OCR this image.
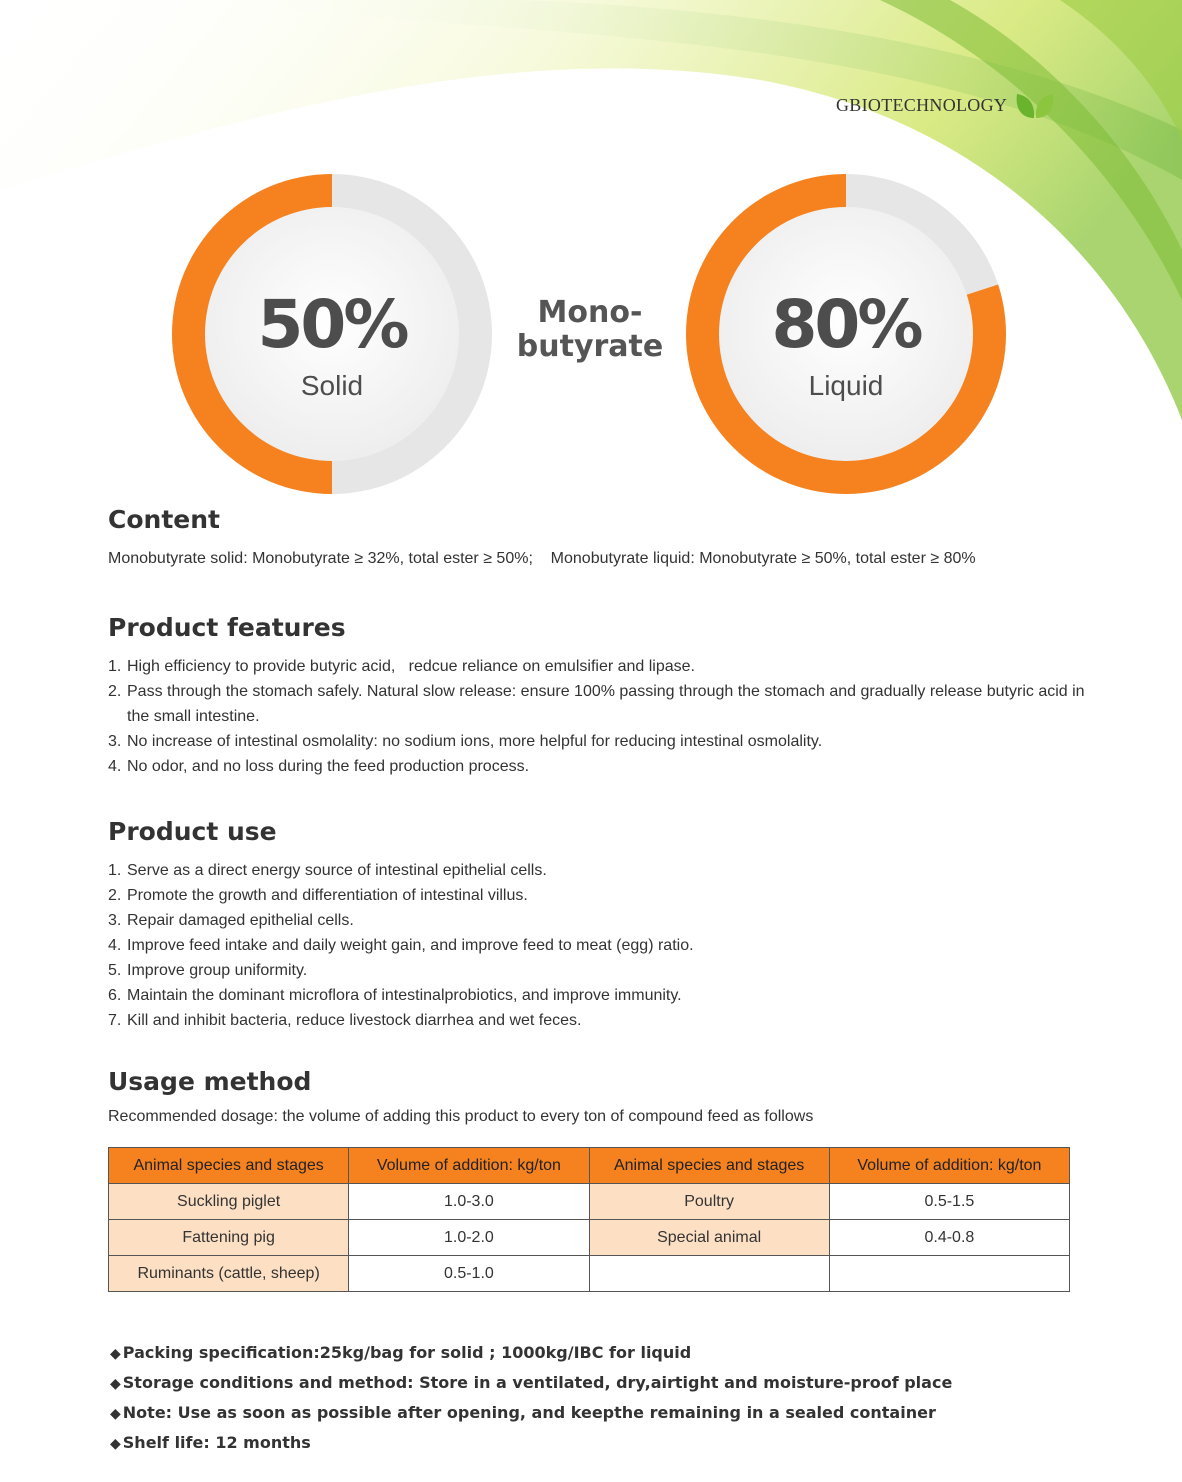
GBIOTECHNOLOGY
50%
Solid
Mono-
butyrate	80%
Liquid
Content
Monobutyrate solid: Monobutyrate ≥ 32%, total ester ≥ 50%;    Monobutyrate liquid: Monobutyrate ≥ 50%, total ester ≥ 80%
Product features
1. High efficiency to provide butyric acid,   redcue reliance on emulsifier and lipase.
2. Pass through the stomach safely. Natural slow release: ensure 100% passing through the stomach and gradually release butyric acid in the small intestine.
3. No increase of intestinal osmolality: no sodium ions, more helpful for reducing intestinal osmolality.
4. No odor, and no loss during the feed production process.
Product use
1. Serve as a direct energy source of intestinal epithelial cells.
2. Promote the growth and differentiation of intestinal villus.
3. Repair damaged epithelial cells.
4. Improve feed intake and daily weight gain, and improve feed to meat (egg) ratio.
5. Improve group uniformity.
6. Maintain the dominant microflora of intestinalprobiotics, and improve immunity.
7. Kill and inhibit bacteria, reduce livestock diarrhea and wet feces.
Usage method
Recommended dosage: the volume of adding this product to every ton of compound feed as follows
Animal species and stages	Volume of addition: kg/ton	Animal species and stages	Volume of addition: kg/ton
Suckling piglet	1.0-3.0	Poultry	0.5-1.5
Fattening pig	1.0-2.0	Special animal	0.4-0.8
Ruminants (cattle, sheep)	0.5-1.0		
◆ Packing specification:25kg/bag for solid ; 1000kg/IBC for liquid
◆ Storage conditions and method: Store in a ventilated, dry,airtight and moisture-proof place
◆ Note: Use as soon as possible after opening, and keepthe remaining in a sealed container
◆ Shelf life: 12 months
